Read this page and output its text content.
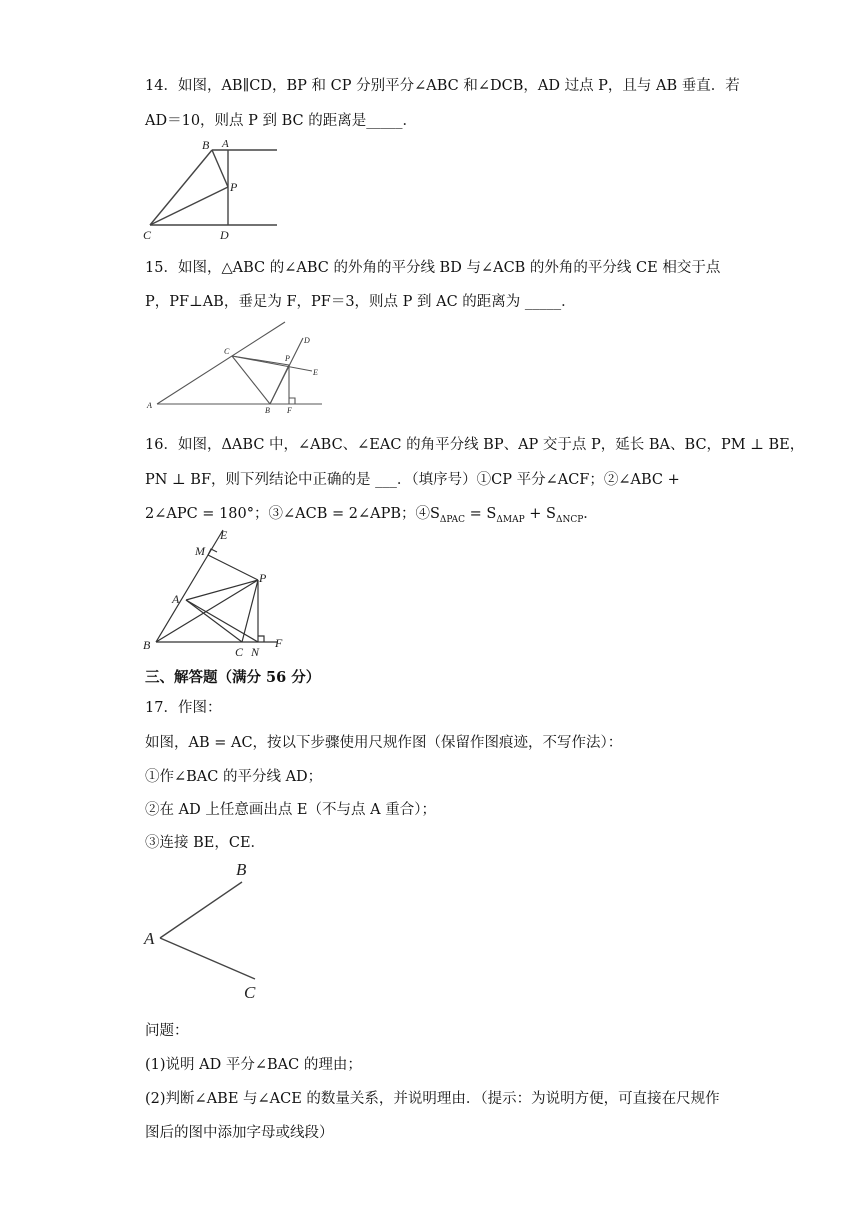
14．如图，AB∥CD，BP 和 CP 分别平分∠ABC 和∠DCB，AD 过点 P，且与 AB 垂直．若
AD＝10，则点 P 到 BC 的距离是_____．
B A
P
C	D
15．如图，△ABC 的∠ABC 的外角的平分线 BD 与∠ACB 的外角的平分线 CE 相交于点
P，PF⊥AB，垂足为 F，PF＝3，则点 P 到 AC 的距离为 _____．
A
C
B
P
D
E
F
16．如图，ΔABC 中，∠ABC、∠EAC 的角平分线 BP、AP 交于点 P，延长 BA、BC，PM ⊥ BE，
PN ⊥ BF，则下列结论中正确的是 ___．（填序号）①CP 平分∠ACF；②∠ABC +
2∠APC = 180°；③∠ACB = 2∠APB；$④S_{\Delta PAC} = S_{\Delta MAP} + S_{\Delta NCP}$．
B
A
M
E
P
C N
F
三、解答题（满分 56 分）
17．作图：
如图，AB = AC，按以下步骤使用尺规作图（保留作图痕迹，不写作法）：
①作∠BAC 的平分线 AD；
②在 AD 上任意画出点 E（不与点 A 重合）；
③连接 BE，CE．
B
A
C
问题：
(1)说明 AD 平分∠BAC 的理由；
(2)判断∠ABE 与∠ACE 的数量关系，并说明理由．（提示：为说明方便，可直接在尺规作
图后的图中添加字母或线段）
